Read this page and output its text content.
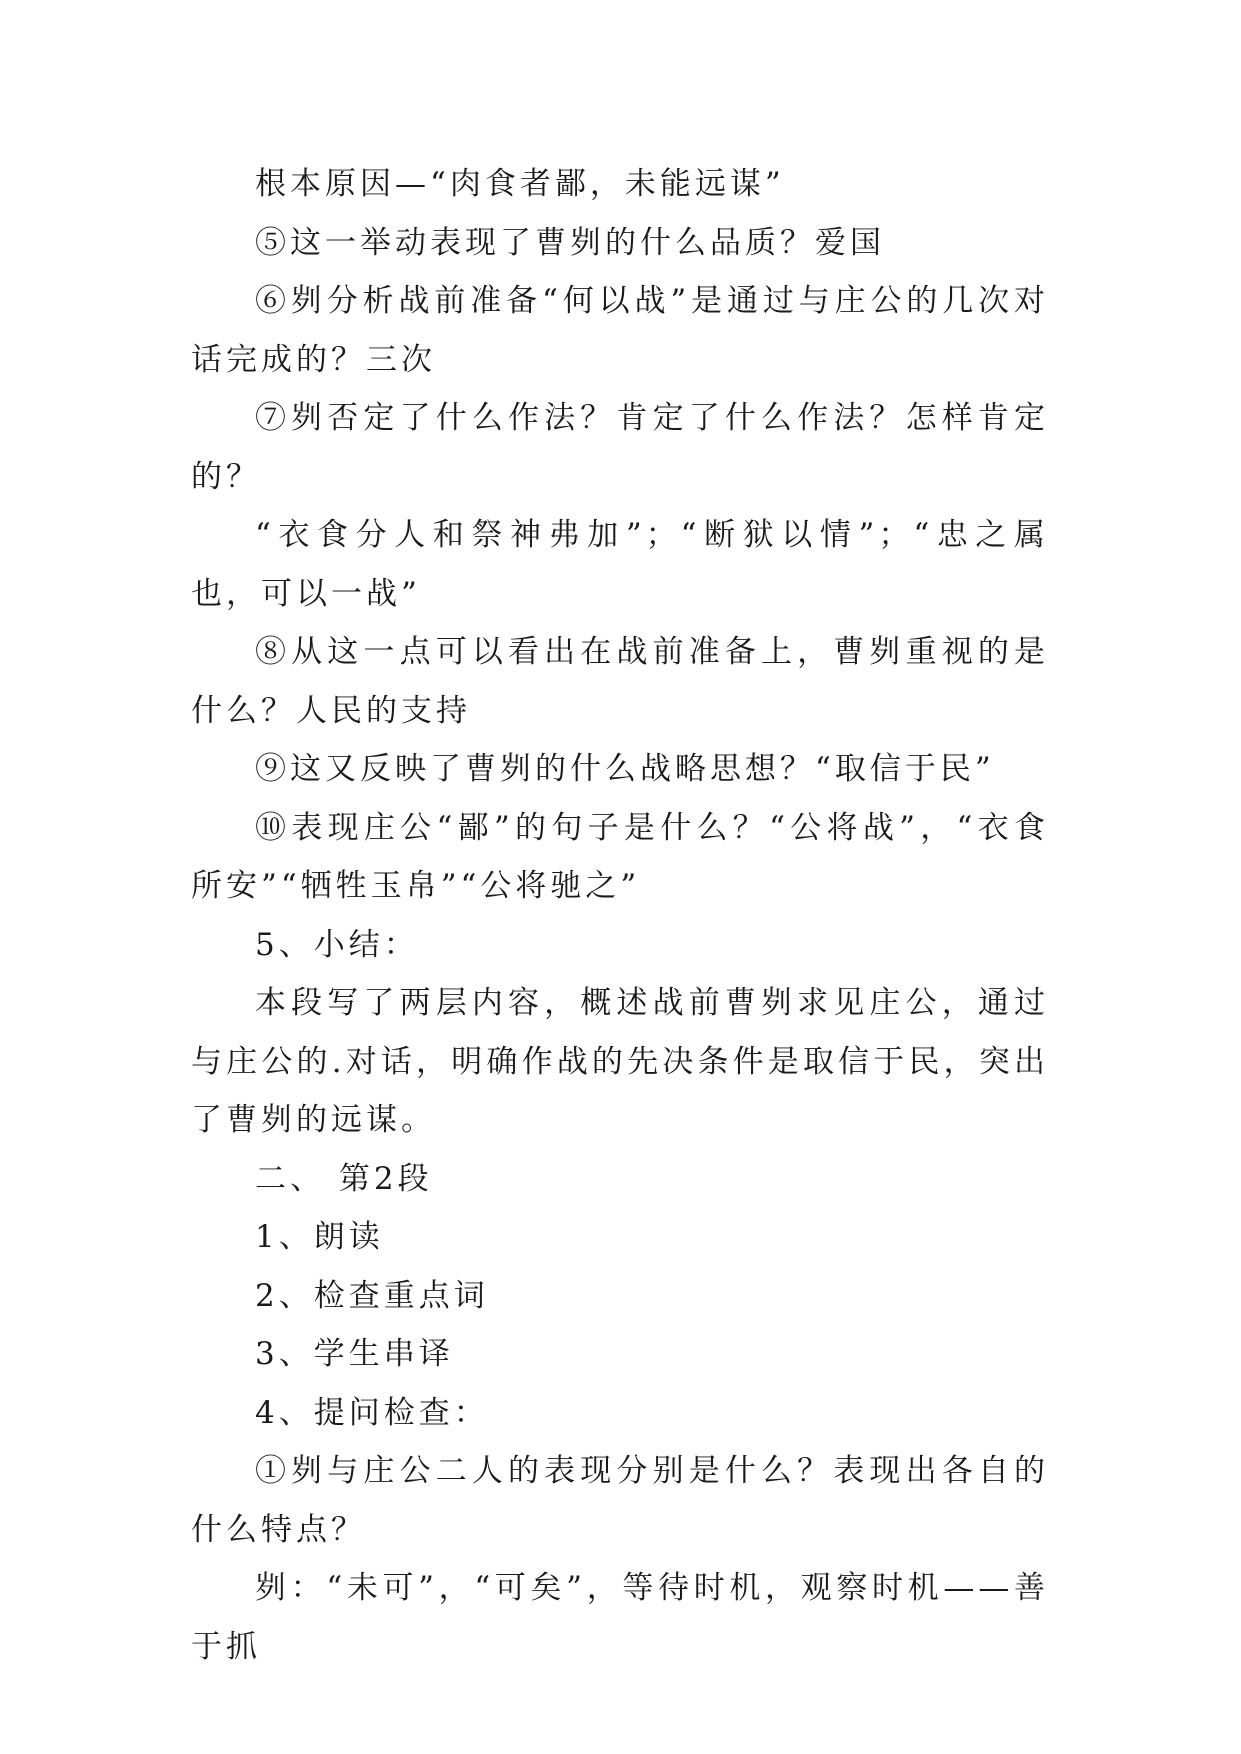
根本原因—“肉食者鄙，未能远谋”

⑤这一举动表现了曹刿的什么品质？爱国

⑥刿分析战前准备“何以战”是通过与庄公的几次对话完成的？三次

⑦刿否定了什么作法？肯定了什么作法？怎样肯定的？

“衣食分人和祭神弗加”；“断狱以情”；“忠之属也，可以一战”

⑧从这一点可以看出在战前准备上，曹刿重视的是什么？人民的支持

⑨这又反映了曹刿的什么战略思想？“取信于民”

⑩表现庄公“鄙”的句子是什么？“公将战”，“衣食所安”“牺牲玉帛”“公将驰之”

5、小结：

本段写了两层内容，概述战前曹刿求见庄公，通过与庄公的.对话，明确作战的先决条件是取信于民，突出了曹刿的远谋。

二、 第2段

1、朗读

2、检查重点词

3、学生串译

4、提问检查：

①刿与庄公二人的表现分别是什么？表现出各自的什么特点？

刿：“未可”，“可矣”，等待时机，观察时机——善于抓
